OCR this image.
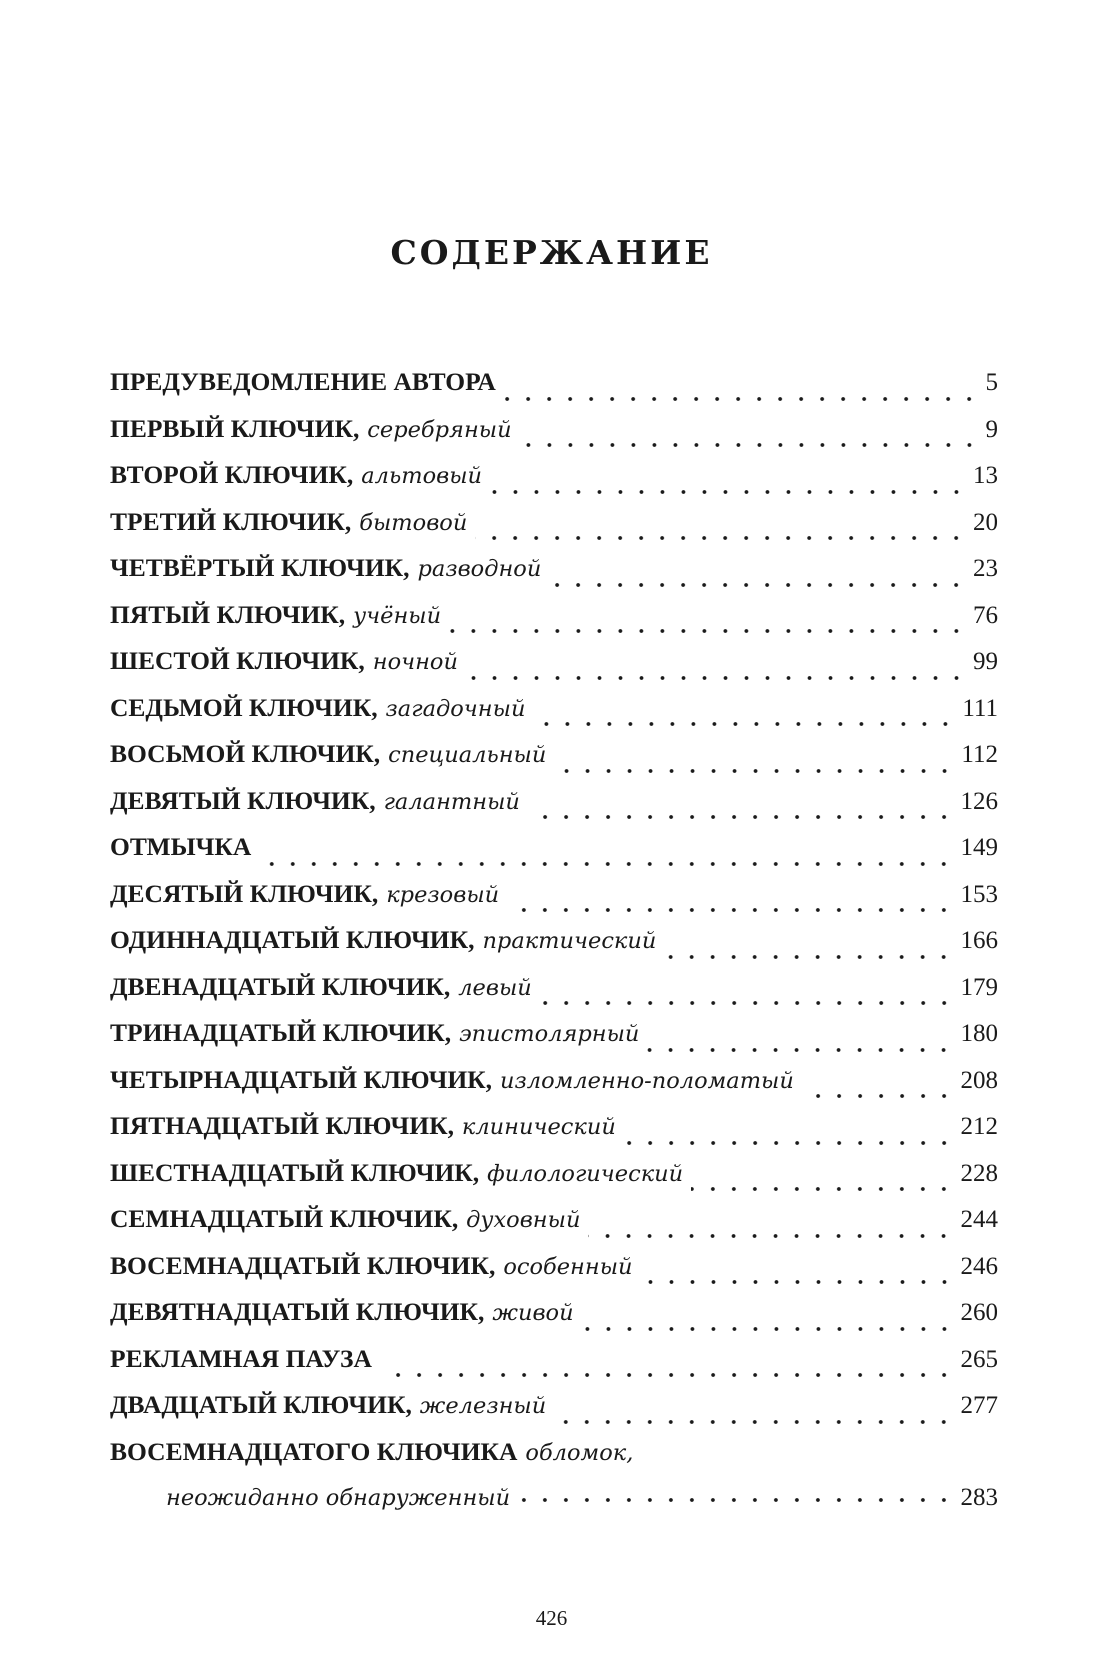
СОДЕРЖАНИЕ
ПРЕДУВЕДОМЛЕНИЕ АВТОРА	5
ПЕРВЫЙ КЛЮЧИК, серебряный	9
ВТОРОЙ КЛЮЧИК, альтовый	13
ТРЕТИЙ КЛЮЧИК, бытовой	20
ЧЕТВЁРТЫЙ КЛЮЧИК, разводной	23
ПЯТЫЙ КЛЮЧИК, учёный	76
ШЕСТОЙ КЛЮЧИК, ночной	99
СЕДЬМОЙ КЛЮЧИК, загадочный	111
ВОСЬМОЙ КЛЮЧИК, специальный	112
ДЕВЯТЫЙ КЛЮЧИК, галантный	126
ОТМЫЧКА	149
ДЕСЯТЫЙ КЛЮЧИК, крезовый	153
ОДИННАДЦАТЫЙ КЛЮЧИК, практический	166
ДВЕНАДЦАТЫЙ КЛЮЧИК, левый	179
ТРИНАДЦАТЫЙ КЛЮЧИК, эпистолярный	180
ЧЕТЫРНАДЦАТЫЙ КЛЮЧИК, изломленно-поломатый	208
ПЯТНАДЦАТЫЙ КЛЮЧИК, клинический	212
ШЕСТНАДЦАТЫЙ КЛЮЧИК, филологический	228
СЕМНАДЦАТЫЙ КЛЮЧИК, духовный	244
ВОСЕМНАДЦАТЫЙ КЛЮЧИК, особенный	246
ДЕВЯТНАДЦАТЫЙ КЛЮЧИК, живой	260
РЕКЛАМНАЯ ПАУЗА	265
ДВАДЦАТЫЙ КЛЮЧИК, железный	277
ВОСЕМНАДЦАТОГО КЛЮЧИКА обломок,
неожиданно обнаруженный	283
426
